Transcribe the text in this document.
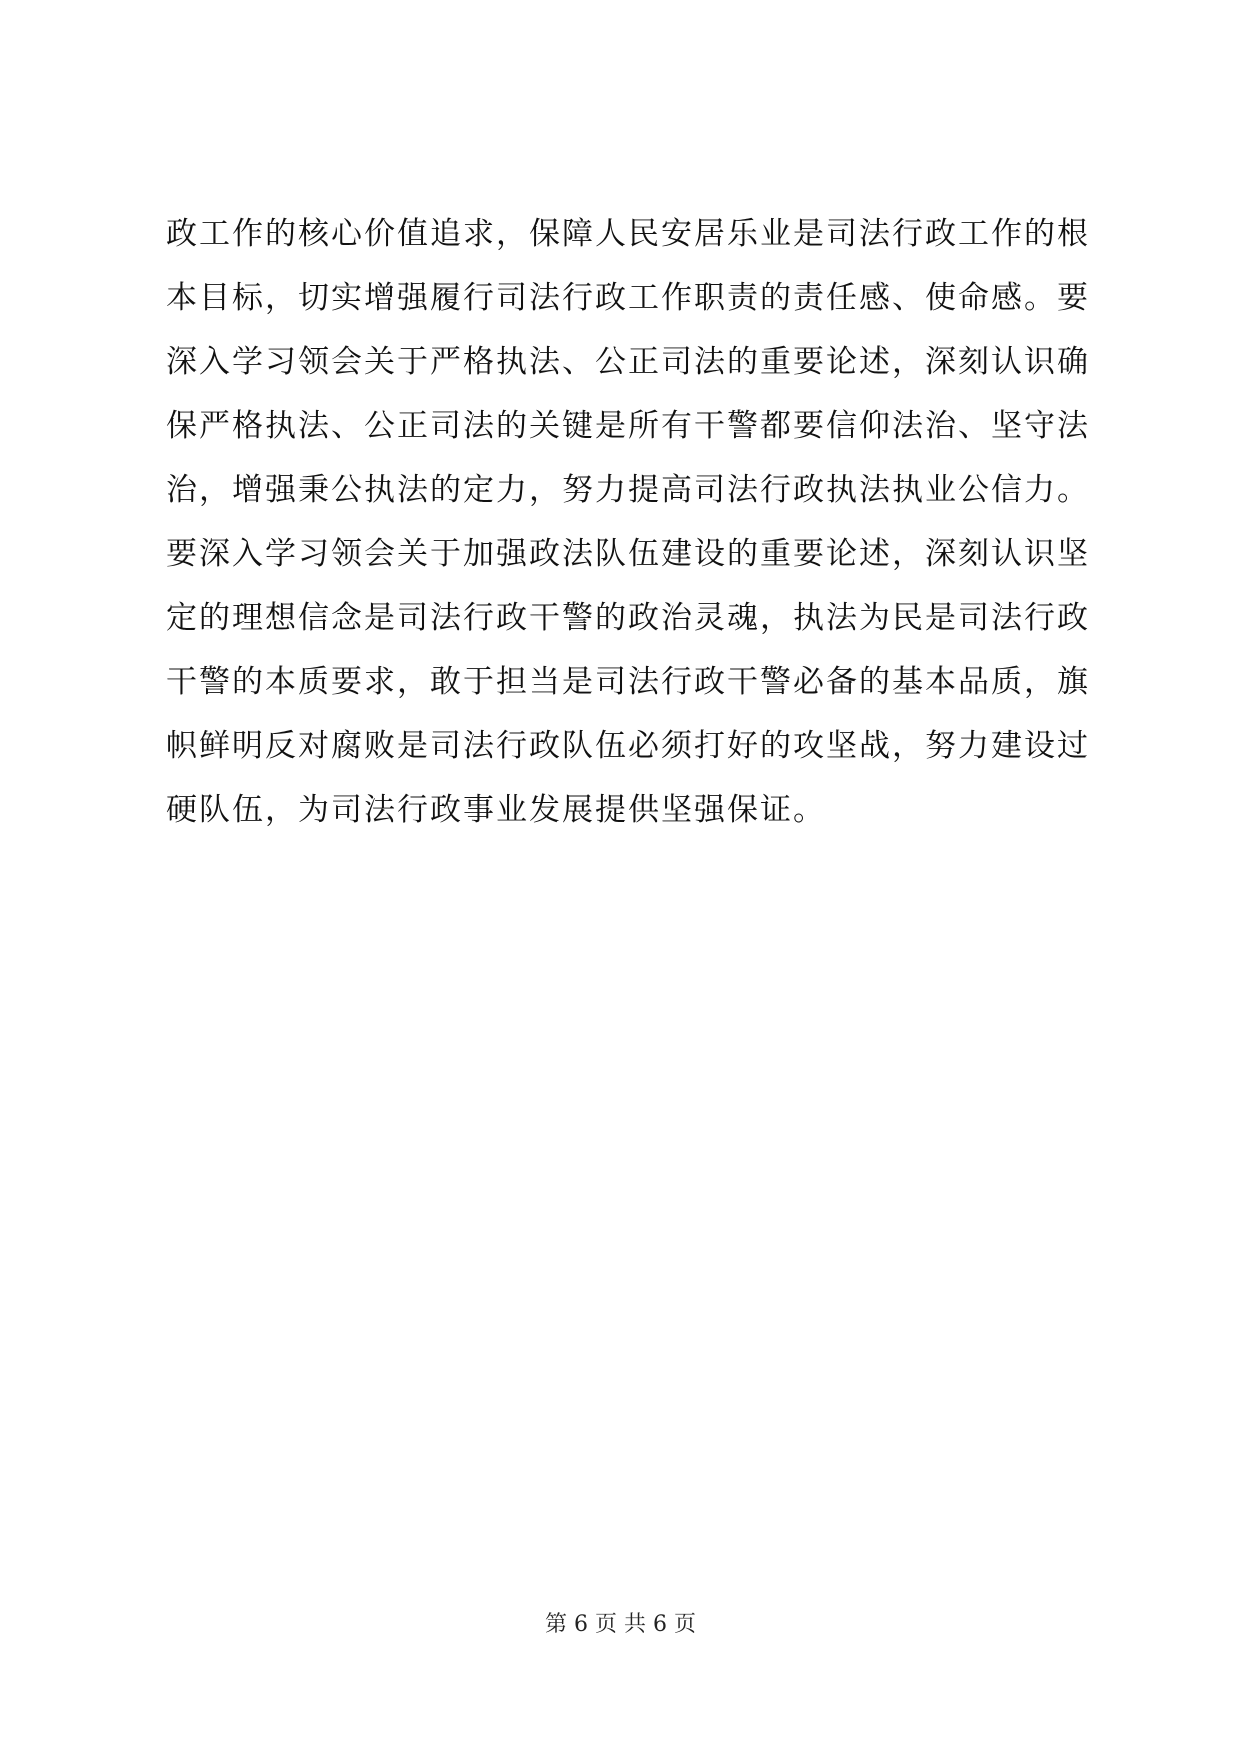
政工作的核心价值追求，保障人民安居乐业是司法行政工作的根
本目标，切实增强履行司法行政工作职责的责任感、使命感。要
深入学习领会关于严格执法、公正司法的重要论述，深刻认识确
保严格执法、公正司法的关键是所有干警都要信仰法治、坚守法
治，增强秉公执法的定力，努力提高司法行政执法执业公信力。
要深入学习领会关于加强政法队伍建设的重要论述，深刻认识坚
定的理想信念是司法行政干警的政治灵魂，执法为民是司法行政
干警的本质要求，敢于担当是司法行政干警必备的基本品质，旗
帜鲜明反对腐败是司法行政队伍必须打好的攻坚战，努力建设过
硬队伍，为司法行政事业发展提供坚强保证。
第 6 页 共 6 页
